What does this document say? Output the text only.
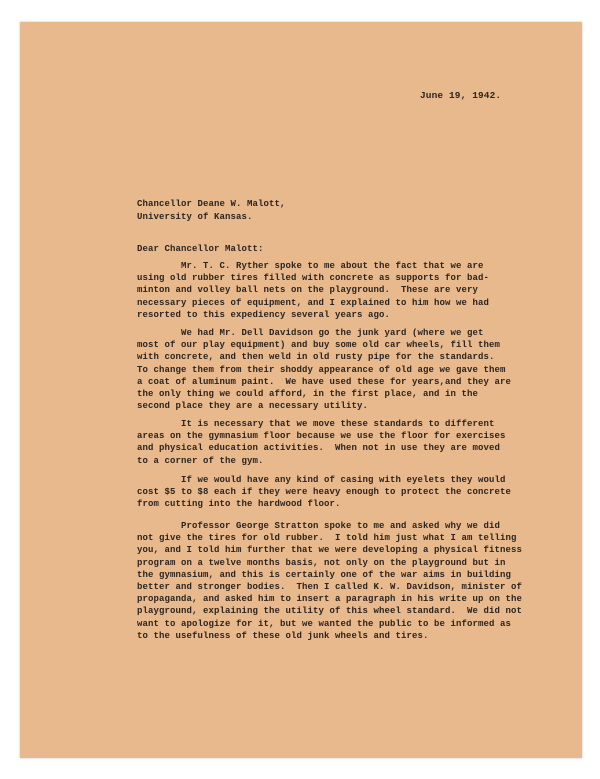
June 19, 1942.
Chancellor Deane W. Malott,
University of Kansas.
Dear Chancellor Malott:
Mr. T. C. Ryther spoke to me about the fact that we are
using old rubber tires filled with concrete as supports for bad-
minton and volley ball nets on the playground.  These are very
necessary pieces of equipment, and I explained to him how we had
resorted to this expediency several years ago.
We had Mr. Dell Davidson go the junk yard (where we get
most of our play equipment) and buy some old car wheels, fill them
with concrete, and then weld in old rusty pipe for the standards.
To change them from their shoddy appearance of old age we gave them
a coat of aluminum paint.  We have used these for years,and they are
the only thing we could afford, in the first place, and in the
second place they are a necessary utility.
It is necessary that we move these standards to different
areas on the gymnasium floor because we use the floor for exercises
and physical education activities.  When not in use they are moved
to a corner of the gym.
If we would have any kind of casing with eyelets they would
cost $5 to $8 each if they were heavy enough to protect the concrete
from cutting into the hardwood floor.
Professor George Stratton spoke to me and asked why we did
not give the tires for old rubber.  I told him just what I am telling
you, and I told him further that we were developing a physical fitness
program on a twelve months basis, not only on the playground but in
the gymnasium, and this is certainly one of the war aims in building
better and stronger bodies.  Then I called K. W. Davidson, minister of
propaganda, and asked him to insert a paragraph in his write up on the
playground, explaining the utility of this wheel standard.  We did not
want to apologize for it, but we wanted the public to be informed as
to the usefulness of these old junk wheels and tires.
